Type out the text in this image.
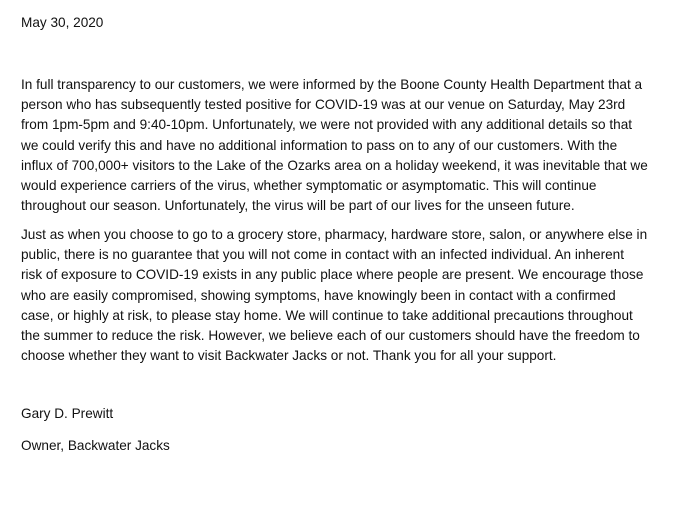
May 30, 2020
In full transparency to our customers, we were informed by the Boone County Health Department that a
person who has subsequently tested positive for COVID-19 was at our venue on Saturday, May 23rd
from 1pm-5pm and 9:40-10pm. Unfortunately, we were not provided with any additional details so that
we could verify this and have no additional information to pass on to any of our customers. With the
influx of 700,000+ visitors to the Lake of the Ozarks area on a holiday weekend, it was inevitable that we
would experience carriers of the virus, whether symptomatic or asymptomatic. This will continue
throughout our season. Unfortunately, the virus will be part of our lives for the unseen future.
Just as when you choose to go to a grocery store, pharmacy, hardware store, salon, or anywhere else in
public, there is no guarantee that you will not come in contact with an infected individual. An inherent
risk of exposure to COVID-19 exists in any public place where people are present. We encourage those
who are easily compromised, showing symptoms, have knowingly been in contact with a confirmed
case, or highly at risk, to please stay home. We will continue to take additional precautions throughout
the summer to reduce the risk. However, we believe each of our customers should have the freedom to
choose whether they want to visit Backwater Jacks or not. Thank you for all your support.
Gary D. Prewitt
Owner, Backwater Jacks
